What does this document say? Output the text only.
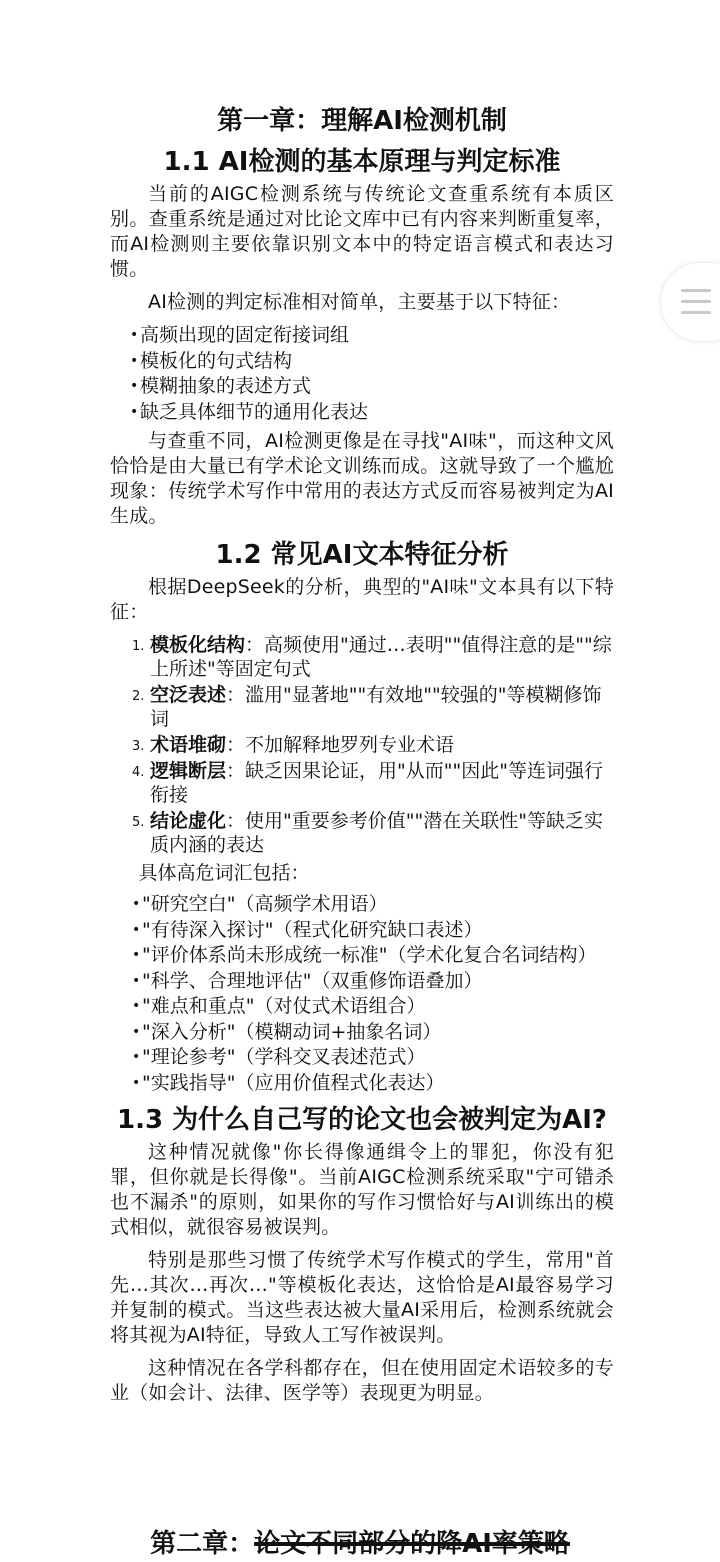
第一章：理解AI检测机制
1.1 AI检测的基本原理与判定标准

当前的AIGC检测系统与传统论文查重系统有本质区别。查重系统是通过对比论文库中已有内容来判断重复率，而AI检测则主要依靠识别文本中的特定语言模式和表达习惯。

AI检测的判定标准相对简单，主要基于以下特征：

• 高频出现的固定衔接词组
• 模板化的句式结构
• 模糊抽象的表述方式
• 缺乏具体细节的通用化表达

与查重不同，AI检测更像是在寻找"AI味"，而这种文风恰恰是由大量已有学术论文训练而成。这就导致了一个尴尬现象：传统学术写作中常用的表达方式反而容易被判定为AI生成。

1.2 常见AI文本特征分析

根据DeepSeek的分析，典型的"AI味"文本具有以下特征：

1. 模板化结构：高频使用"通过…表明""值得注意的是""综上所述"等固定句式
2. 空泛表述：滥用"显著地""有效地""较强的"等模糊修饰词
3. 术语堆砌：不加解释地罗列专业术语
4. 逻辑断层：缺乏因果论证，用"从而""因此"等连词强行衔接
5. 结论虚化：使用"重要参考价值""潜在关联性"等缺乏实质内涵的表达

具体高危词汇包括：

• "研究空白"（高频学术用语）
• "有待深入探讨"（程式化研究缺口表述）
• "评价体系尚未形成统一标准"（学术化复合名词结构）
• "科学、合理地评估"（双重修饰语叠加）
• "难点和重点"（对仗式术语组合）
• "深入分析"（模糊动词+抽象名词）
• "理论参考"（学科交叉表述范式）
• "实践指导"（应用价值程式化表达）
1.3 为什么自己写的论文也会被判定为AI?

这种情况就像"你长得像通缉令上的罪犯，你没有犯罪，但你就是长得像"。当前AIGC检测系统采取"宁可错杀也不漏杀"的原则，如果你的写作习惯恰好与AI训练出的模式相似，就很容易被误判。

特别是那些习惯了传统学术写作模式的学生，常用"首先…其次…再次…"等模板化表达，这恰恰是AI最容易学习并复制的模式。当这些表达被大量AI采用后，检测系统就会将其视为AI特征，导致人工写作被误判。

这种情况在各学科都存在，但在使用固定术语较多的专业（如会计、法律、医学等）表现更为明显。

第二章：论文不同部分的降AI率策略
